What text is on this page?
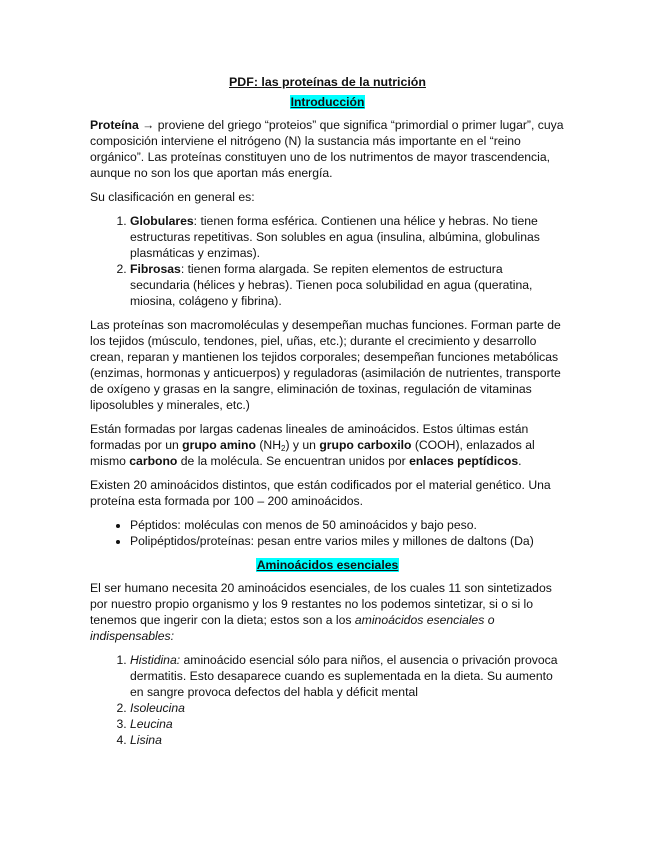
PDF: las proteínas de la nutrición
Introducción

Proteína → proviene del griego “proteios” que significa “primordial o primer lugar”, cuya composición interviene el nitrógeno (N) la sustancia más importante en el “reino orgánico”. Las proteínas constituyen uno de los nutrimentos de mayor trascendencia, aunque no son los que aportan más energía.

Su clasificación en general es:

1. Globulares: tienen forma esférica. Contienen una hélice y hebras. No tiene estructuras repetitivas. Son solubles en agua (insulina, albúmina, globulinas plasmáticas y enzimas).
2. Fibrosas: tienen forma alargada. Se repiten elementos de estructura secundaria (hélices y hebras). Tienen poca solubilidad en agua (queratina, miosina, colágeno y fibrina).

Las proteínas son macromoléculas y desempeñan muchas funciones. Forman parte de los tejidos (músculo, tendones, piel, uñas, etc.); durante el crecimiento y desarrollo crean, reparan y mantienen los tejidos corporales; desempeñan funciones metabólicas (enzimas, hormonas y anticuerpos) y reguladoras (asimilación de nutrientes, transporte de oxígeno y grasas en la sangre, eliminación de toxinas, regulación de vitaminas liposolubles y minerales, etc.)

Están formadas por largas cadenas lineales de aminoácidos. Estos últimas están formadas por un grupo amino $(NH_2)$ y un grupo carboxilo (COOH), enlazados al mismo carbono de la molécula. Se encuentran unidos por enlaces peptídicos.

Existen 20 aminoácidos distintos, que están codificados por el material genético. Una proteína esta formada por 100 – 200 aminoácidos.

• Péptidos: moléculas con menos de 50 aminoácidos y bajo peso.
• Polipéptidos/proteínas: pesan entre varios miles y millones de daltons (Da)
Aminoácidos esenciales

El ser humano necesita 20 aminoácidos esenciales, de los cuales 11 son sintetizados por nuestro propio organismo y los 9 restantes no los podemos sintetizar, si o si lo tenemos que ingerir con la dieta; estos son a los aminoácidos esenciales o indispensables:

1. Histidina: aminoácido esencial sólo para niños, el ausencia o privación provoca dermatitis. Esto desaparece cuando es suplementada en la dieta. Su aumento en sangre provoca defectos del habla y déficit mental
2. Isoleucina
3. Leucina
4. Lisina
